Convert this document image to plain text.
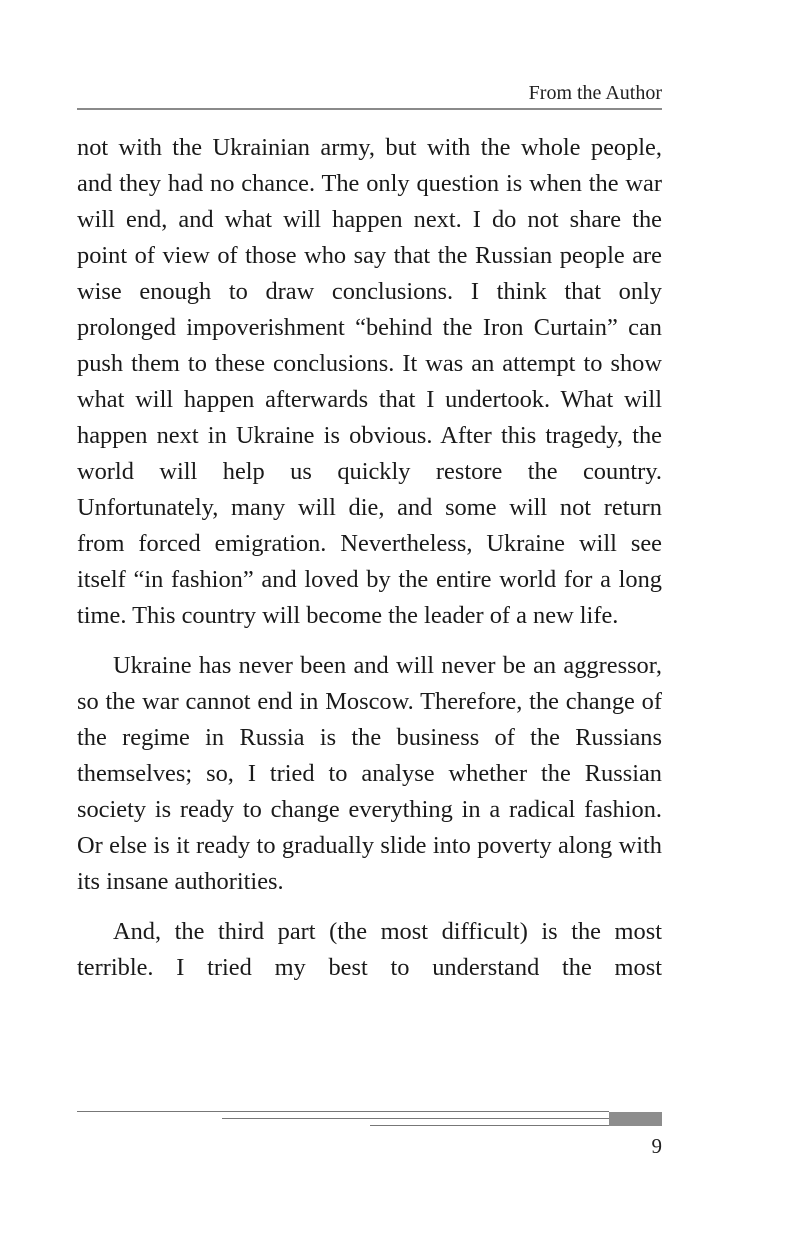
From the Author

not with the Ukrainian army, but with the whole people, and they had no chance. The only question is when the war will end, and what will happen next. I do not share the point of view of those who say that the Russian people are wise enough to draw conclusions. I think that only prolonged impoverishment “behind the Iron Curtain” can push them to these conclusions. It was an attempt to show what will happen afterwards that I undertook. What will happen next in Ukraine is obvious. After this tragedy, the world will help us quickly restore the country. Unfortunately, many will die, and some will not return from forced emigration. Nevertheless, Ukraine will see itself “in fashion” and loved by the entire world for a long time. This country will become the leader of a new life.

Ukraine has never been and will never be an aggressor, so the war cannot end in Moscow. Therefore, the change of the regime in Russia is the business of the Russians themselves; so, I tried to analyse whether the Russian society is ready to change everything in a radical fashion. Or else is it ready to gradually slide into poverty along with its insane authorities.

And, the third part (the most difficult) is the most terrible. I tried my best to understand the most

9
